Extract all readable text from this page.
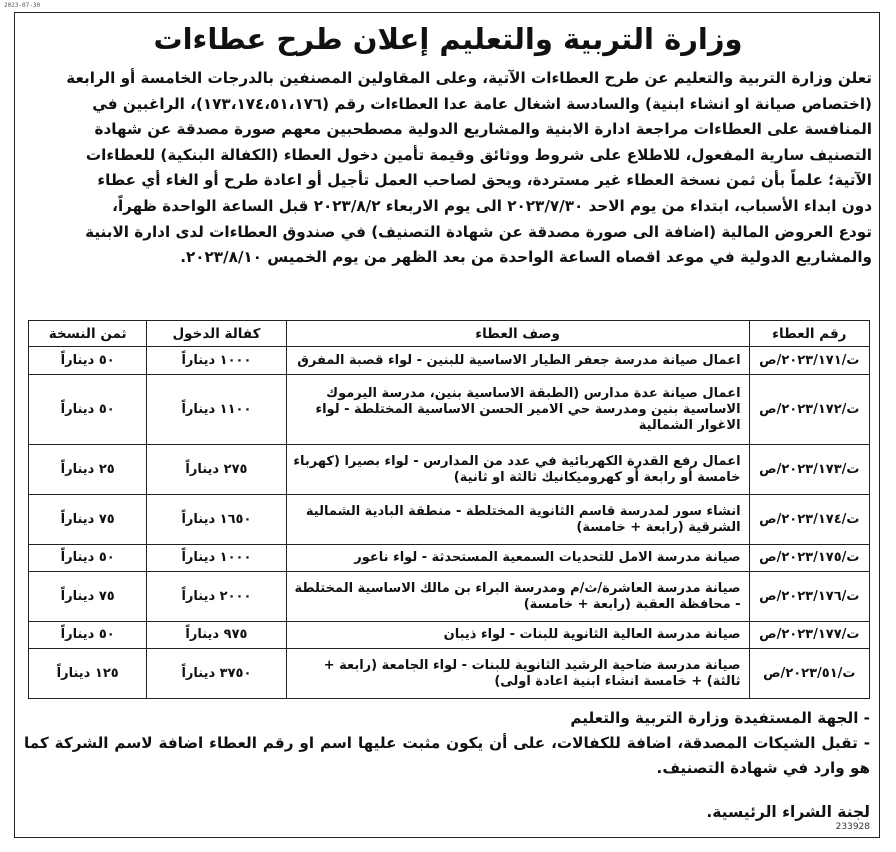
2023-07-30
وزارة التربية والتعليم إعلان طرح عطاءات

تعلن وزارة التربية والتعليم عن طرح العطاءات الآتية، وعلى المقاولين المصنفين بالدرجات الخامسة أو الرابعة

(اختصاص صيانة او انشاء ابنية) والسادسة اشغال عامة عدا العطاءات رقم (١٧٣،١٧٤،٥١،١٧٦)، الراغبين في

المنافسة على العطاءات مراجعة ادارة الابنية والمشاريع الدولية مصطحبين معهم صورة مصدقة عن شهادة

التصنيف سارية المفعول، للاطلاع على شروط ووثائق وقيمة تأمين دخول العطاء (الكفالة البنكية) للعطاءات

الآتية؛ علماً بأن ثمن نسخة العطاء غير مستردة، ويحق لصاحب العمل تأجيل أو اعادة طرح أو الغاء أي عطاء

دون ابداء الأسباب، ابتداء من يوم الاحد ٢٠٢٣/٧/٣٠ الى يوم الاربعاء ٢٠٢٣/٨/٢ قبل الساعة الواحدة ظهراً،

تودع العروض المالية (اضافة الى صورة مصدقة عن شهادة التصنيف) في صندوق العطاءات لدى ادارة الابنية

والمشاريع الدولية في موعد اقصاه الساعة الواحدة من بعد الظهر من يوم الخميس ٢٠٢٣/٨/١٠.

رقم العطاء	وصف العطاء	كفالة الدخول	ثمن النسخة
ت/٢٠٢٣/١٧١/ص	اعمال صيانة مدرسة جعفر الطيار الاساسية للبنين - لواء قصبة المفرق	١٠٠٠ ديناراً	٥٠ ديناراً
ت/٢٠٢٣/١٧٢/ص	اعمال صيانة عدة مدارس (الطبقة الاساسية بنين، مدرسة اليرموك الاساسية بنين ومدرسة حي الامير الحسن الاساسية المختلطة - لواء الاغوار الشمالية	١١٠٠ ديناراً	٥٠ ديناراً
ت/٢٠٢٣/١٧٣/ص	اعمال رفع القدرة الكهربائية في عدد من المدارس - لواء بصيرا (كهرباء خامسة أو رابعة أو كهروميكانيك ثالثة او ثانية)	٢٧٥ ديناراً	٢٥ ديناراً
ت/٢٠٢٣/١٧٤/ص	انشاء سور لمدرسة قاسم الثانوية المختلطة - منطقة البادية الشمالية الشرقية (رابعة + خامسة)	١٦٥٠ ديناراً	٧٥ ديناراً
ت/٢٠٢٣/١٧٥/ص	صيانة مدرسة الامل للتحديات السمعية المستحدثة - لواء ناعور	١٠٠٠ ديناراً	٥٠ ديناراً
ت/٢٠٢٣/١٧٦/ص	صيانة مدرسة العاشرة/ث/م ومدرسة البراء بن مالك الاساسية المختلطة - محافظة العقبة (رابعة + خامسة)	٢٠٠٠ ديناراً	٧٥ ديناراً
ت/٢٠٢٣/١٧٧/ص	صيانة مدرسة العالية الثانوية للبنات - لواء ذيبان	٩٧٥ ديناراً	٥٠ ديناراً
ت/٢٠٢٣/٥١/ص	صيانة مدرسة ضاحية الرشيد الثانوية للبنات - لواء الجامعة (رابعة + ثالثة) + خامسة انشاء ابنية اعادة اولى)	٣٧٥٠ ديناراً	١٢٥ ديناراً

- الجهة المستفيدة وزارة التربية والتعليم

- تقبل الشيكات المصدقة، اضافة للكفالات، على أن يكون مثبت عليها اسم او رقم العطاء اضافة لاسم الشركة كما هو وارد في شهادة التصنيف.

لجنة الشراء الرئيسية.
233928
